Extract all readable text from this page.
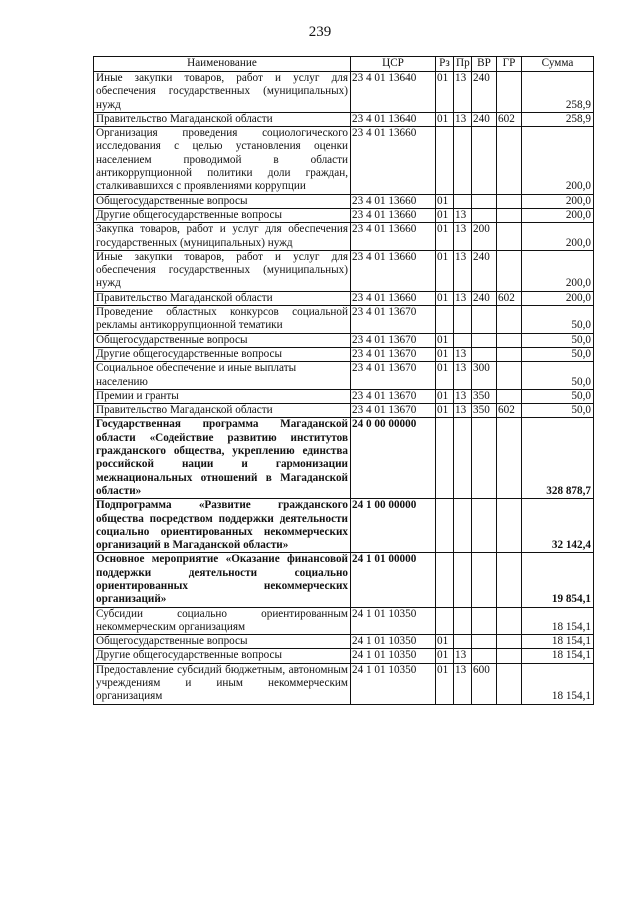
239
Наименование	ЦСР	Рз	Пр	ВР	ГР	Сумма
Иные закупки товаров, работ и услуг для обеспечения государственных (муниципальных) нужд	23 4 01 13640	01	13	240		258,9
Правительство Магаданской области	23 4 01 13640	01	13	240	602	258,9
Организация проведения социологического исследования с целью установления оценки населением проводимой в области антикоррупционной политики доли граждан, сталкивавшихся с проявлениями коррупции	23 4 01 13660					200,0
Общегосударственные вопросы	23 4 01 13660	01				200,0
Другие общегосударственные вопросы	23 4 01 13660	01	13			200,0
Закупка товаров, работ и услуг для обеспечения государственных (муниципальных) нужд	23 4 01 13660	01	13	200		200,0
Иные закупки товаров, работ и услуг для обеспечения государственных (муниципальных) нужд	23 4 01 13660	01	13	240		200,0
Правительство Магаданской области	23 4 01 13660	01	13	240	602	200,0
Проведение областных конкурсов социальной рекламы антикоррупционной тематики	23 4 01 13670					50,0
Общегосударственные вопросы	23 4 01 13670	01				50,0
Другие общегосударственные вопросы	23 4 01 13670	01	13			50,0
Социальное обеспечение и иные выплаты населению	23 4 01 13670	01	13	300		50,0
Премии и гранты	23 4 01 13670	01	13	350		50,0
Правительство Магаданской области	23 4 01 13670	01	13	350	602	50,0
Государственная программа Магаданской области «Содействие развитию институтов гражданского общества, укреплению единства российской нации и гармонизации межнациональных отношений в Магаданской области»	24 0 00 00000					328 878,7
Подпрограмма «Развитие гражданского общества посредством поддержки деятельности социально ориентированных некоммерческих организаций в Магаданской области»	24 1 00 00000					32 142,4
Основное мероприятие «Оказание финансовой поддержки деятельности социально ориентированных некоммерческих организаций»	24 1 01 00000					19 854,1
Субсидии социально ориентированным некоммерческим организациям	24 1 01 10350					18 154,1
Общегосударственные вопросы	24 1 01 10350	01				18 154,1
Другие общегосударственные вопросы	24 1 01 10350	01	13			18 154,1
Предоставление субсидий бюджетным, автономным учреждениям и иным некоммерческим организациям	24 1 01 10350	01	13	600		18 154,1
